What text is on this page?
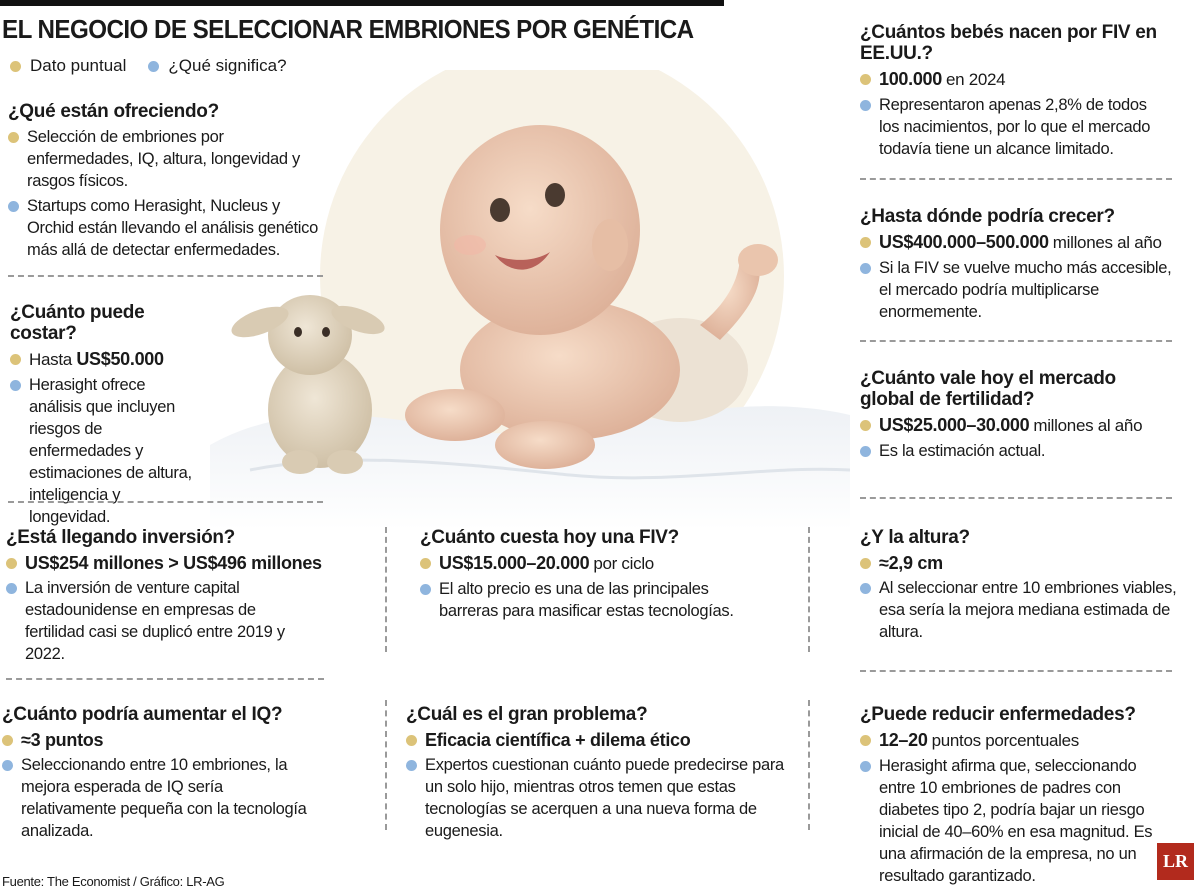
EL NEGOCIO DE SELECCIONAR EMBRIONES POR GENÉTICA
Dato puntual ¿Qué significa?
¿Qué están ofreciendo?
Selección de embriones por enfermedades, IQ, altura, longevidad y rasgos físicos.
Startups como Herasight, Nucleus y Orchid están llevando el análisis genético más allá de detectar enfermedades.
¿Cuánto puede costar?
Hasta US$50.000
Herasight ofrece análisis que incluyen riesgos de enfermedades y estimaciones de altura, inteligencia y longevidad.
¿Está llegando inversión?
US$254 millones > US$496 millones
La inversión de venture capital estadounidense en empresas de fertilidad casi se duplicó entre 2019 y 2022.
¿Cuánto podría aumentar el IQ?
≈3 puntos
Seleccionando entre 10 embriones, la mejora esperada de IQ sería relativamente pequeña con la tecnología analizada.
¿Cuánto cuesta hoy una FIV?
US$15.000–20.000 por ciclo
El alto precio es una de las principales barreras para masificar estas tecnologías.
¿Cuál es el gran problema?
Eficacia científica + dilema ético
Expertos cuestionan cuánto puede predecirse para un solo hijo, mientras otros temen que estas tecnologías se acerquen a una nueva forma de eugenesia.
¿Cuántos bebés nacen por FIV en EE.UU.?
100.000 en 2024
Representaron apenas 2,8% de todos los nacimientos, por lo que el mercado todavía tiene un alcance limitado.
¿Hasta dónde podría crecer?
US$400.000–500.000 millones al año
Si la FIV se vuelve mucho más accesible, el mercado podría multiplicarse enormemente.
¿Cuánto vale hoy el mercado
global de fertilidad?
US$25.000–30.000 millones al año
Es la estimación actual.
¿Y la altura?
≈2,9 cm
Al seleccionar entre 10 embriones viables, esa sería la mejora mediana estimada de altura.
¿Puede reducir enfermedades?
12–20 puntos porcentuales
Herasight afirma que, seleccionando entre 10 embriones de padres con diabetes tipo 2, podría bajar un riesgo inicial de 40–60% en esa magnitud. Es una afirmación de la empresa, no un resultado garantizado.
Fuente: The Economist / Gráfico: LR-AG
LR
